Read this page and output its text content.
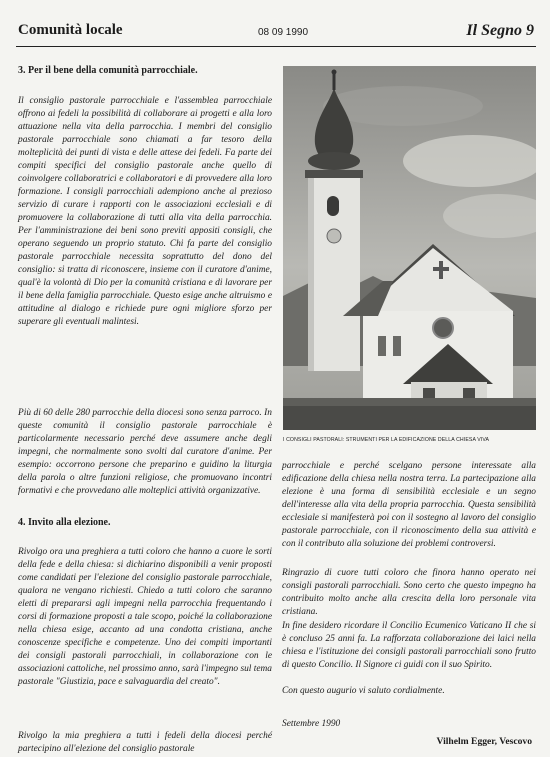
Comunità locale	08 09 1990	Il Segno 9
3. Per il bene della comunità parrocchiale.

Il consiglio pastorale parrocchiale e l'assemblea parrocchiale offrono ai fedeli la possibilità di collaborare ai progetti e alla loro attuazione nella vita della parrocchia. I membri del consiglio pastorale parrocchiale sono chiamati a far tesoro della molteplicità dei punti di vista e delle attese dei fedeli. Fa parte dei compiti specifici del consiglio pastorale anche quello di coinvolgere collaboratrici e collaboratori e di provvedere alla loro formazione. I consigli parrocchiali adempiono anche al prezioso servizio di curare i rapporti con le associazioni ecclesiali e di promuovere la collaborazione di tutti alla vita della parrocchia. Per l'amministrazione dei beni sono previti appositi consigli, che operano seguendo un proprio statuto. Chi fa parte del consiglio pastorale parrocchiale necessita soprattutto del dono del consiglio: si tratta di riconoscere, insieme con il curatore d'anime, qual'è la volontà di Dio per la comunità cristiana e di lavorare per il bene della famiglia parrocchiale. Questo esige anche altruismo e attitudine al dialogo e richiede pure ogni migliore sforzo per superare gli eventuali malintesi.

Più di 60 delle 280 parrocchie della diocesi sono senza parroco. In queste comunità il consiglio pastorale parrocchiale è particolarmente necessario perché deve assumere anche degli impegni, che normalmente sono svolti dal curatore d'anime. Per esempio: occorrono persone che preparino e guidino la liturgia della parola o altre funzioni religiose, che promuovano incontri formativi e che provvedano alle molteplici attività organizzative.

4. Invito alla elezione.

Rivolgo ora una preghiera a tutti coloro che hanno a cuore le sorti della fede e della chiesa: si dichiarino disponibili a venir proposti come candidati per l'elezione del consiglio pastorale parrocchiale, qualora ne vengano richiesti. Chiedo a tutti coloro che saranno eletti di prepararsi agli impegni nella parrocchia frequentando i corsi di formazione proposti a tale scopo, poiché la collaborazione nella chiesa esige, accanto ad una condotta cristiana, anche conoscenze specifiche e competenze. Uno dei compiti importanti dei consigli pastorali parrocchiali, in collaborazione con le associazioni cattoliche, nel prossimo anno, sarà l'impegno sul tema pastorale "Giustizia, pace e salvaguardia del creato".

Rivolgo la mia preghiera a tutti i fedeli della diocesi perché partecipino all'elezione del consiglio pastorale

I CONSIGLI PASTORALI: STRUMENTI PER LA EDIFICAZIONE DELLA CHIESA VIVA

parrocchiale e perché scelgano persone interessate alla edificazione della chiesa nella nostra terra. La partecipazione alla elezione è una forma di sensibilità ecclesiale e un segno dell'interesse alla vita della propria parrocchia. Questa sensibilità ecclesiale si manifesterà poi con il sostegno al lavoro del consiglio pastorale parrocchiale, con il riconoscimento della sua attività e con il contributo alla soluzione dei problemi controversi.

Ringrazio di cuore tutti coloro che finora hanno operato nei consigli pastorali parrocchiali. Sono certo che questo impegno ha contribuito molto anche alla crescita della loro personale vita cristiana.

In fine desidero ricordare il Concilio Ecumenico Vaticano II che si è concluso 25 anni fa. La rafforzata collaborazione dei laici nella chiesa e l'istituzione dei consigli pastorali parrocchiali sono frutto di questo Concilio. Il Signore ci guidi con il suo Spirito.

Con questo augurio vi saluto cordialmente.

Settembre 1990
Vilhelm Egger, Vescovo
